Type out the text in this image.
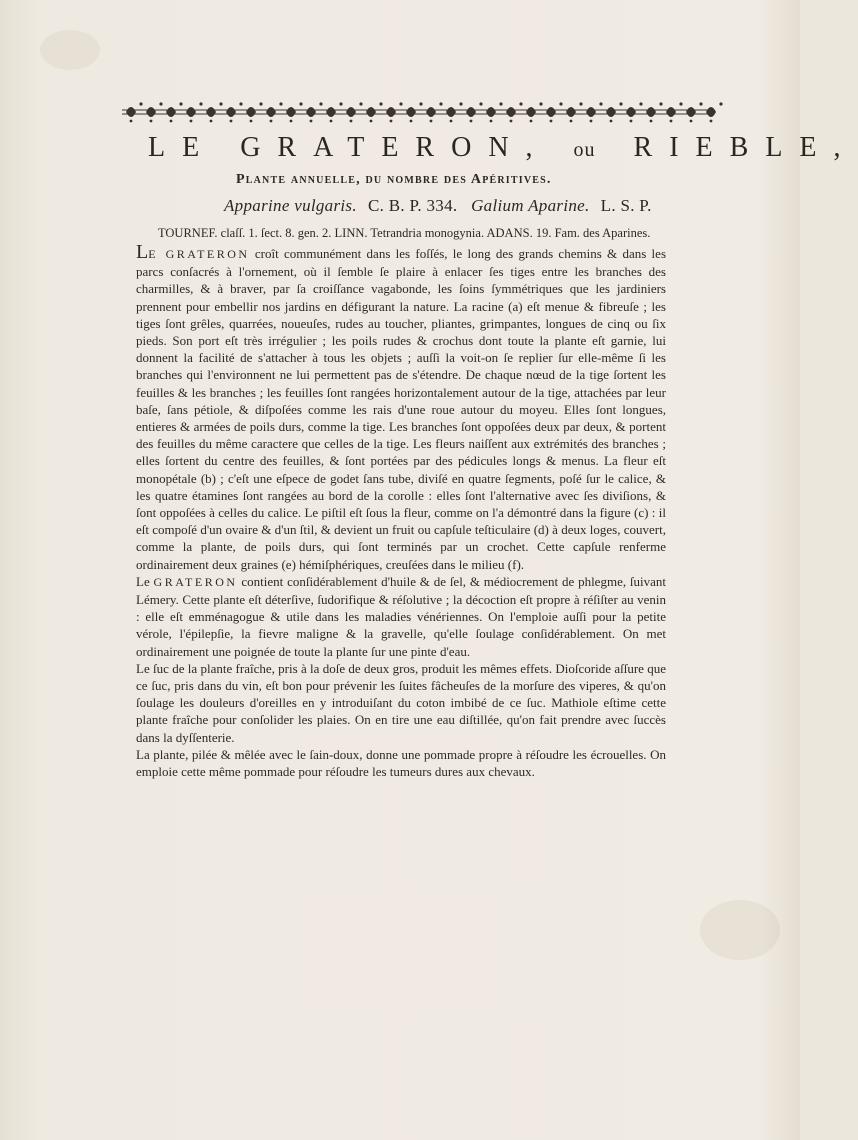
LE GRATERON, ou RIEBLE,
Plante annuelle, du nombre des Apéritives.
Apparine vulgaris. C. B. P. 334. Galium Aparine. L. S. P.
TOURNEF. claſſ. 1. ſect. 8. gen. 2. LINN. Tetrandria monogynia. ADANS. 19. Fam. des Aparines.

LE GRATERON croît communément dans les foſſés, le long des grands chemins & dans les parcs conſacrés à l'ornement, où il ſemble ſe plaire à enlacer ſes tiges entre les branches des charmilles, & à braver, par ſa croiſſance vagabonde, les ſoins ſymmétriques que les jardiniers prennent pour embellir nos jardins en défigurant la nature. La racine (a) eſt menue & fibreuſe ; les tiges ſont grêles, quarrées, noueuſes, rudes au toucher, pliantes, grimpantes, longues de cinq ou ſix pieds. Son port eſt très irrégulier ; les poils rudes & crochus dont toute la plante eſt garnie, lui donnent la facilité de s'attacher à tous les objets ; auſſi la voit-on ſe replier ſur elle-même ſi les branches qui l'environnent ne lui permettent pas de s'étendre. De chaque nœud de la tige ſortent les feuilles & les branches ; les feuilles ſont rangées horizontalement autour de la tige, attachées par leur baſe, ſans pétiole, & diſpoſées comme les rais d'une roue autour du moyeu. Elles ſont longues, entieres & armées de poils durs, comme la tige. Les branches ſont oppoſées deux par deux, & portent des feuilles du même caractere que celles de la tige. Les fleurs naiſſent aux extrémités des branches ; elles ſortent du centre des feuilles, & ſont portées par des pédicules longs & menus. La fleur eſt monopétale (b) ; c'eſt une eſpece de godet ſans tube, diviſé en quatre ſegments, poſé ſur le calice, & les quatre étamines ſont rangées au bord de la corolle : elles ſont l'alternative avec ſes diviſions, & ſont oppoſées à celles du calice. Le piſtil eſt ſous la fleur, comme on l'a démontré dans la figure (c) : il eſt compoſé d'un ovaire & d'un ſtil, & devient un fruit ou capſule teſticulaire (d) à deux loges, couvert, comme la plante, de poils durs, qui ſont terminés par un crochet. Cette capſule renferme ordinairement deux graines (e) hémiſphériques, creuſées dans le milieu (f).

Le GRATERON contient conſidérablement d'huile & de ſel, & médiocrement de phlegme, ſuivant Lémery. Cette plante eſt déterſive, ſudorifique & réſolutive ; la décoction eſt propre à réſiſter au venin : elle eſt emménagogue & utile dans les maladies vénériennes. On l'emploie auſſi pour la petite vérole, l'épilepſie, la fievre maligne & la gravelle, qu'elle ſoulage conſidérablement. On met ordinairement une poignée de toute la plante ſur une pinte d'eau.

Le ſuc de la plante fraîche, pris à la doſe de deux gros, produit les mêmes effets. Dioſcoride aſſure que ce ſuc, pris dans du vin, eſt bon pour prévenir les ſuites fâcheuſes de la morſure des viperes, & qu'on ſoulage les douleurs d'oreilles en y introduiſant du coton imbibé de ce ſuc. Mathiole eſtime cette plante fraîche pour conſolider les plaies. On en tire une eau diſtillée, qu'on fait prendre avec ſuccès dans la dyſſenterie.

La plante, pilée & mêlée avec le ſain-doux, donne une pommade propre à réſoudre les écrouelles. On emploie cette même pommade pour réſoudre les tumeurs dures aux chevaux.
